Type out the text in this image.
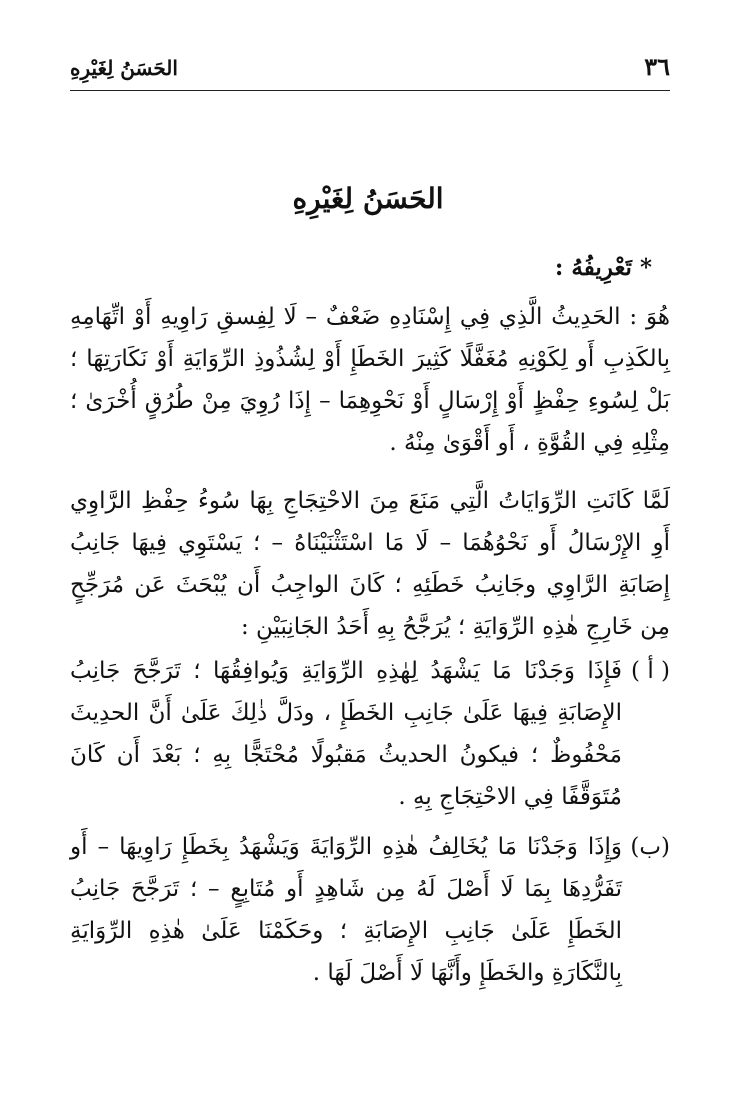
٣٦
الحَسَنُ لِغَيْرِهِ
الحَسَنُ لِغَيْرِهِ
* تَعْرِيفُهُ :

هُوَ : الحَدِيثُ الَّذِي فِي إِسْنَادِهِ ضَعْفٌ – لَا لِفِسقِ رَاوِيهِ أَوْ اتِّهَامِهِ بِالكَذِبِ أَو لِكَوْنِهِ مُغَفَّلًا كَثِيرَ الخَطَإِ أَوْ لِشُذُوذِ الرِّوَايَةِ أَوْ نَكَارَتِهَا ؛ بَلْ لِسُوءِ حِفْظٍ أَوْ إِرْسَالٍ أَوْ نَحْوِهِمَا – إِذَا رُوِيَ مِنْ طُرُقٍ أُخْرَىٰ ؛ مِثْلِهِ فِي القُوَّةِ ، أَو أَقْوَىٰ مِنْهُ .

لَمَّا كَانَتِ الرِّوَايَاتُ الَّتِي مَنَعَ مِنَ الاحْتِجَاجِ بِهَا سُوءُ حِفْظِ الرَّاوِي أَوِ الإِرْسَالُ أَو نَحْوُهُمَا – لَا مَا اسْتَثْنَيْنَاهُ – ؛ يَسْتَوِي فِيهَا جَانِبُ إِصَابَةِ الرَّاوِي وجَانِبُ خَطَئِهِ ؛ كَانَ الواجِبُ أَن يُبْحَثَ عَن مُرَجِّحٍ مِن خَارِجِ هٰذِهِ الرِّوَايَةِ ؛ يُرَجَّحُ بِهِ أَحَدُ الجَانِبَيْنِ :

( أ )
فَإِذَا وَجَدْنَا مَا يَشْهَدُ لِهٰذِهِ الرِّوَايَةِ وَيُوافِقُهَا ؛ تَرَجَّحَ جَانِبُ الإِصَابَةِ فِيهَا عَلَىٰ جَانِبِ الخَطَإِ ، ودَلَّ ذٰلِكَ عَلَىٰ أَنَّ الحدِيثَ مَحْفُوظٌ ؛ فيكونُ الحديثُ مَقبُولًا مُحْتَجًّا بِهِ ؛ بَعْدَ أَن كَانَ مُتَوَقَّفًا فِي الاحْتِجَاجِ بِهِ .
(ب)
وَإِذَا وَجَدْنَا مَا يُخَالِفُ هٰذِهِ الرِّوَايَةَ وَيَشْهَدُ بِخَطَإِ رَاوِيهَا – أَو تَفَرُّدِهَا بِمَا لَا أَصْلَ لَهُ مِن شَاهِدٍ أَو مُتَابِعٍ – ؛ تَرَجَّحَ جَانِبُ الخَطَإِ عَلَىٰ جَانِبِ الإِصَابَةِ ؛ وحَكَمْنَا عَلَىٰ هٰذِهِ الرِّوَايَةِ بِالنَّكَارَةِ والخَطَإِ وأَنَّهَا لَا أَصْلَ لَهَا .
